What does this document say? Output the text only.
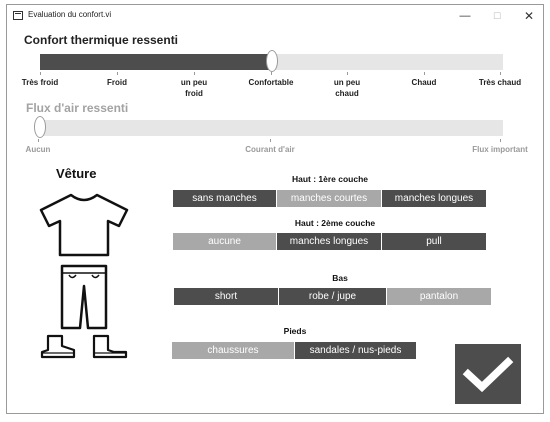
Evaluation du confort.vi	—	☐	✕
Confort thermique ressenti
Très froid	Froid	un peu
froid
Confortable	un peu
chaud
Chaud	Très chaud
Flux d'air ressenti
Aucun	Courant d'air	Flux important
Vêture	Haut : 1ère couche
sans manches	manches courtes	manches longues
Haut : 2ème couche
aucune	manches longues	pull
Bas
short	robe / jupe	pantalon
Pieds
chaussures	sandales / nus-pieds
